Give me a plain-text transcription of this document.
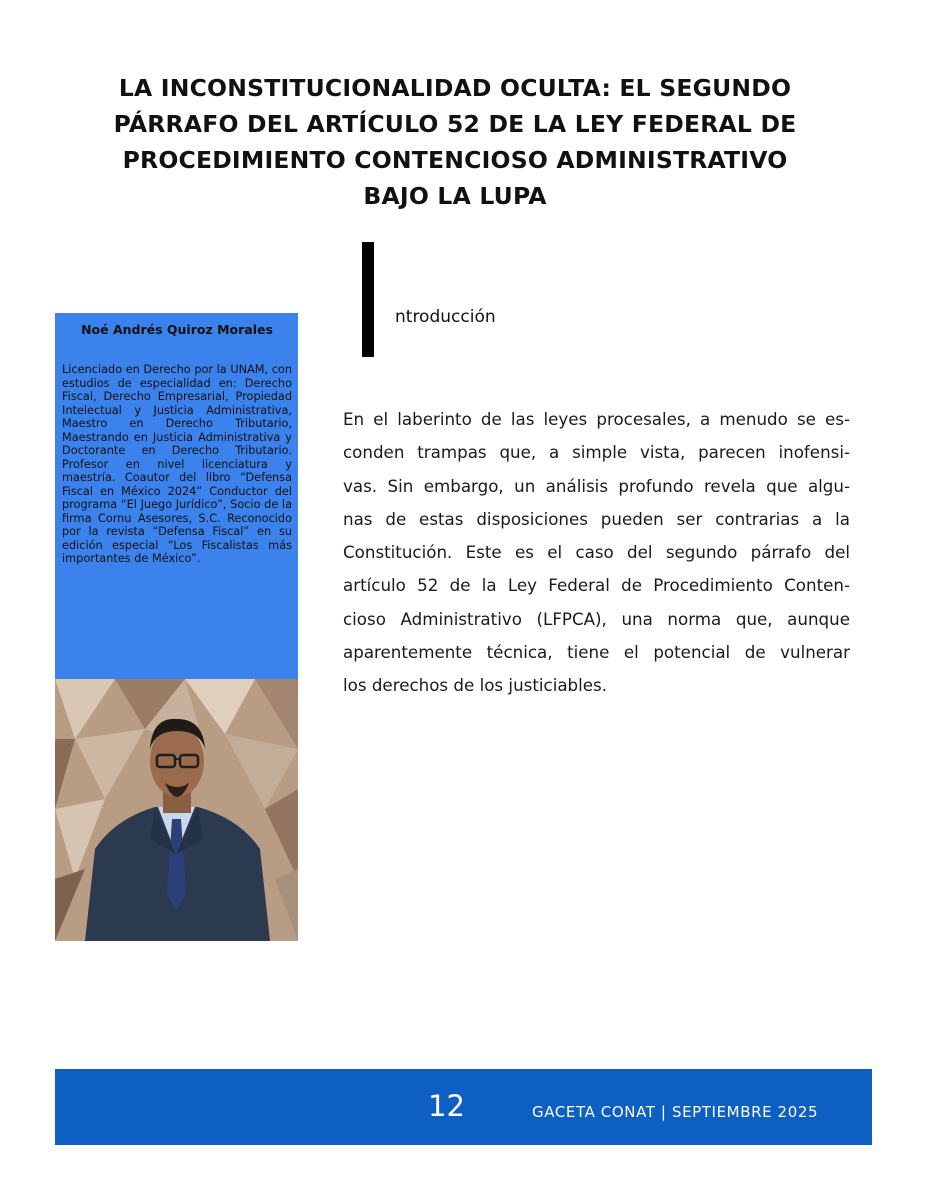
LA INCONSTITUCIONALIDAD OCULTA: EL SEGUNDO
PÁRRAFO DEL ARTÍCULO 52 DE LA LEY FEDERAL DE
PROCEDIMIENTO CONTENCIOSO ADMINISTRATIVO
BAJO LA LUPA

Noé Andrés Quiroz Morales

Licenciado en Derecho por la UNAM, con estudios de especialidad en: Derecho Fiscal, Derecho Empresarial, Propiedad Intelectual y Justicia Administrativa, Maestro en Derecho Tributario, Maestrando en Justicia Administrativa y Doctorante en Derecho Tributario. Profesor en nivel licenciatura y maestría. Coautor del libro “Defensa Fiscal en México 2024” Conductor del programa “El Juego Jurídico”, Socio de la firma Cornu Asesores, S.C. Reconocido por la revista “Defensa Fiscal” en su edición especial “Los Fiscalistas más importantes de México”.

ntroducción

En el laberinto de las leyes procesales, a menudo se es-
conden trampas que, a simple vista, parecen inofensi-
vas. Sin embargo, un análisis profundo revela que algu-
nas de estas disposiciones pueden ser contrarias a la
Constitución. Este es el caso del segundo párrafo del
artículo 52 de la Ley Federal de Procedimiento Conten-
cioso Administrativo (LFPCA), una norma que, aunque
aparentemente técnica, tiene el potencial de vulnerar
los derechos de los justiciables.

12	GACETA CONAT | SEPTIEMBRE 2025
